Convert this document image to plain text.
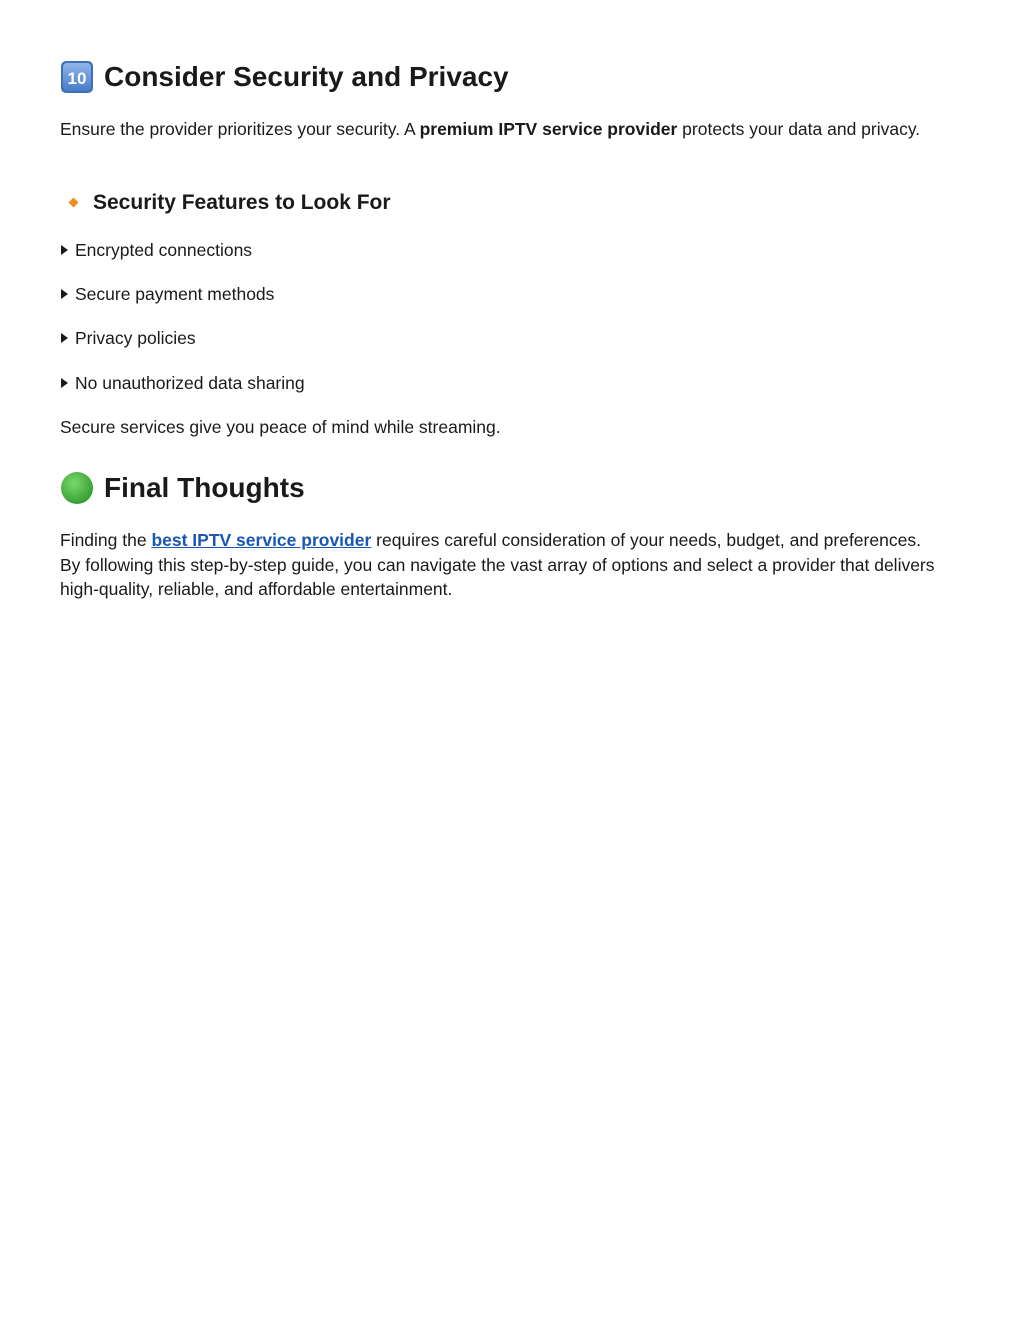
10 Consider Security and Privacy

Ensure the provider prioritizes your security. A premium IPTV service provider protects your data and privacy.

Security Features to Look For
Encrypted connections
Secure payment methods
Privacy policies
No unauthorized data sharing

Secure services give you peace of mind while streaming.

Final Thoughts

Finding the best IPTV service provider requires careful consideration of your needs, budget, and preferences. By following this step-by-step guide, you can navigate the vast array of options and select a provider that delivers high-quality, reliable, and affordable entertainment.
